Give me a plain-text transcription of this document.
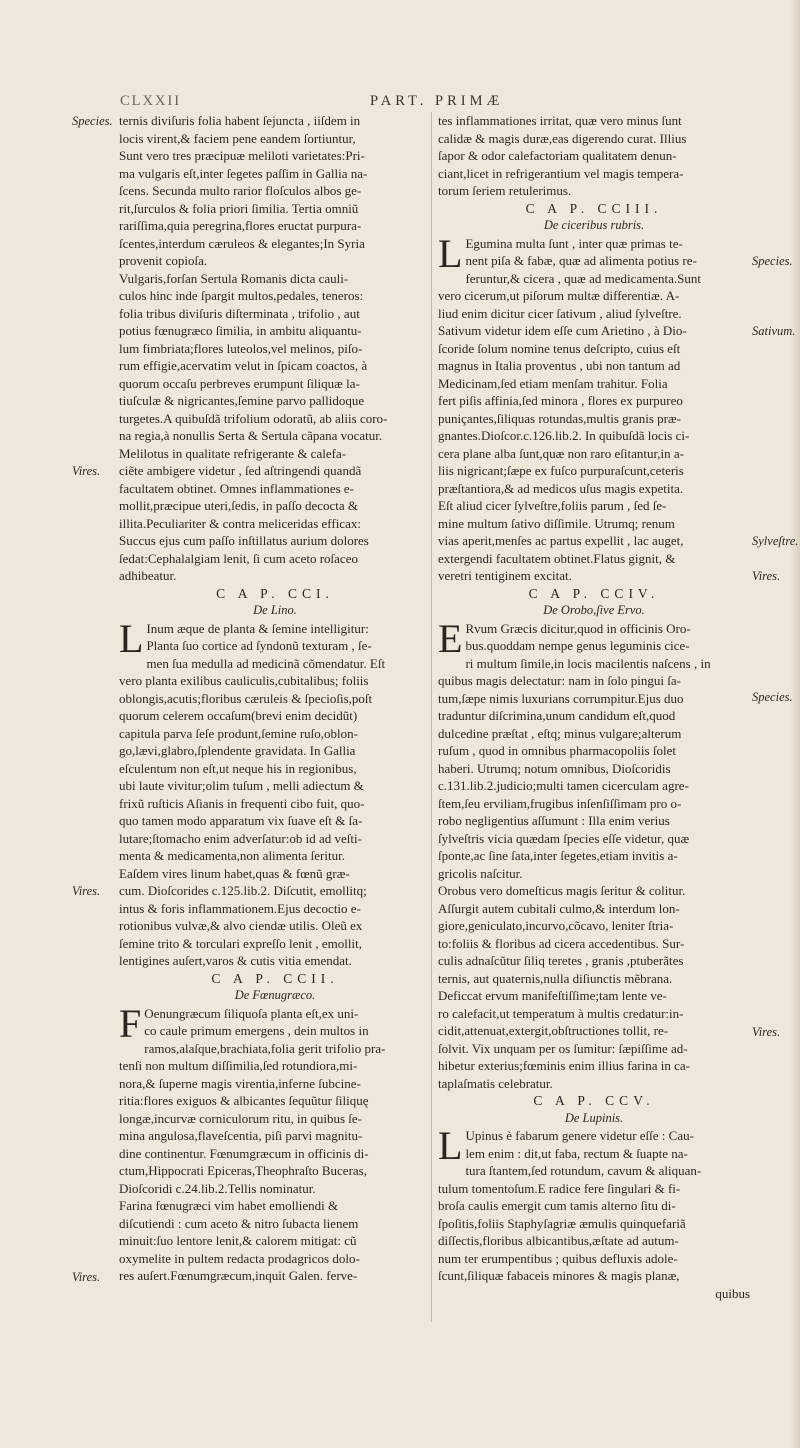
CLXXII	PART. PRIMÆ
ternis diviſuris folia habent ſejuncta , iiſdem in
locis virent,& faciem pene eandem ſortiuntur,
Sunt vero tres præcipuæ meliloti varietates:Pri-
ma vulgaris eſt,inter ſegetes paſſim in Gallia na-
ſcens. Secunda multo rarior floſculos albos ge-
rit,ſurculos & folia priori ſimilia. Tertia omniũ
rariſſima,quia peregrina,flores eructat purpura-
ſcentes,interdum cæruleos & elegantes;In Syria
provenit copioſa.
Vulgaris,forſan Sertula Romanis dicta cauli-
culos hinc inde ſpargit multos,pedales, teneros:
folia tribus diviſuris diſterminata , trifolio , aut
potius fœnugræco ſimilia, in ambitu aliquantu-
lum fimbriata;flores luteolos,vel melinos, piſo-
rum effigie,acervatim velut in ſpicam coactos, à
quorum occaſu perbreves erumpunt ſiliquæ la-
tiuſculæ & nigricantes,ſemine parvo pallidoque
turgetes.A quibuſdã trifolium odoratũ, ab aliis coro-
na regia,à nonullis Serta & Sertula cãpana vocatur.
Melilotus in qualitate refrigerante & calefa-
ciẽte ambigere videtur , ſed aſtringendi quandã
facultatem obtinet. Omnes inflammationes e-
mollit,præcipue uteri,ſedis, in paſſo decocta &
illita.Peculiariter & contra meliceridas efficax:
Succus ejus cum paſſo inſtillatus aurium dolores
ſedat:Cephalalgiam lenit, ſi cum aceto roſaceo
adhibeatur.
C A P. CCI.
De Lino.
L Inum æque de planta & ſemine intelligitur:
Planta ſuo cortice ad ſyndonũ texturam , ſe-
men ſua medulla ad medicinã cõmendatur. Eſt
vero planta exilibus cauliculis,cubitalibus; foliis
oblongis,acutis;floribus cæruleis & ſpecioſis,poſt
quorum celerem occaſum(brevi enim decidũt)
capitula parva ſeſe produnt,ſemine ruſo,oblon-
go,lævi,glabro,ſplendente gravidata. In Gallia
eſculentum non eſt,ut neque his in regionibus,
ubi laute vivitur;olim tuſum , melli adiectum &
frixũ ruſticis Aſianis in frequenti cibo fuit, quo-
quo tamen modo apparatum vix ſuave eſt & ſa-
lutare;ſtomacho enim adverſatur:ob id ad veſti-
menta & medicamenta,non alimenta ſeritur.
Eaſdem vires linum habet,quas & fœnũ græ-
cum. Dioſcorides c.125.lib.2. Diſcutit, emollitq;
intus & foris inflammationem.Ejus decoctio e-
rotionibus vulvæ,& alvo ciendæ utilis. Oleũ ex
ſemine trito & torculari expreſſo lenit , emollit,
lentigines auſert,varos & cutis vitia emendat.
C A P. CCII.
De Fœnugræco.
F Oenungræcum ſiliquoſa planta eſt,ex uni-
co caule primum emergens , dein multos in
ramos,alaſque,brachiata,folia gerit trifolio pra-
tenſi non multum diſſimilia,ſed rotundiora,mi-
nora,& ſuperne magis virentia,inferne ſubcine-
ritia:flores exiguos & albicantes ſequũtur ſiliquę
longæ,incurvæ corniculorum ritu, in quibus ſe-
mina angulosa,flaveſcentia, piſi parvi magnitu-
dine continentur. Fœnumgræcum in officinis di-
ctum,Hippocrati Epiceras,Theophraſto Buceras,
Dioſcoridi c.24.lib.2.Tellis nominatur.
Farina fœnugræci vim habet emolliendi &
diſcutiendi : cum aceto & nitro ſubacta lienem
minuit:ſuo lentore lenit,& calorem mitigat: cũ
oxymelite in pultem redacta prodagricos dolo-
res auſert.Fœnumgræcum,inquit Galen. ferve-
tes inflammationes irritat, quæ vero minus ſunt
calidæ & magis duræ,eas digerendo curat. Illius
ſapor & odor calefactoriam qualitatem denun-
ciant,licet in refrigerantium vel magis tempera-
torum ſeriem retulerimus.
C A P. CCIII.
De ciceribus rubris.
L Eguminа multa ſunt , inter quæ primas te-
nent piſa & fabæ, quæ ad alimenta potius re-
feruntur,& cicera , quæ ad medicamenta.Sunt
vero cicerum,ut piſorum multæ differentiæ. A-
liud enim dicitur cicer ſativum , aliud ſylveſtre.
Sativum videtur idem eſſe cum Arietino , à Dio-
ſcoride ſolum nomine tenus deſcripto, cuius eſt
magnus in Italia proventus , ubi non tantum ad
Medicinam,ſed etiam menſam trahitur. Folia
fert piſis affinia,ſed minora , flores ex purpureo
puniçantes,ſiliquas rotundas,multis granis præ-
gnantes.Dioſcor.c.126.lib.2. In quibuſdã locis ci-
cera plane alba ſunt,quæ non raro eſitantur,in a-
liis nigricant;ſæpe ex fuſco purpuraſcunt,ceteris
præſtantiora,& ad medicos uſus magis expetita.
Eſt aliud cicer ſylveſtre,foliis parum , ſed ſe-
mine multum ſativo diſſimile. Utrumq; renum
vias aperit,menſes ac partus expellit , lac auget,
extergendi facultatem obtinet.Flatus gignit, &
veretri tentiginem excitat.
C A P. CCIV.
De Orobo,ſive Ervo.
E Rvum Græcis dicitur,quod in officinis Oro-
bus.quoddam nempe genus leguminis cice-
ri multum ſimile,in locis macilentis naſcens , in
quibus magis delectatur: nam in ſolo pingui ſa-
tum,ſæpe nimis luxurians corrumpitur.Ejus duo
traduntur diſcrimina,unum candidum eſt,quod
dulcedine præſtat , eſtq; minus vulgare;alterum
ruſum , quod in omnibus pharmacopoliis ſolet
haberi. Utrumq; notum omnibus, Dioſcoridis
c.131.lib.2.judicio;multi tamen cicerculam agre-
ſtem,ſeu erviliam,frugibus inſenſiſſimam pro o-
robo negligentius aſſumunt : Illa enim verius
ſylveſtris vicia quædam ſpecies eſſe videtur, quæ
ſponte,ac ſine ſata,inter ſegetes,etiam invitis a-
gricolis naſcitur.
Orobus vero domeſticus magis ſeritur & colitur.
Aſſurgit autem cubitali culmo,& interdum lon-
giore,geniculato,incurvo,cõcavo, leniter ſtria-
to:foliis & floribus ad cicera accedentibus. Sur-
culis adnaſcũtur ſiliq teretes , granis ,ptuberãtes
ternis, aut quaternis,nulla diſiunctis mẽbrana.
Deficcat ervum manifeſtiſſime;tam lente ve-
ro calefacit,ut temperatum à multis credatur:in-
cidit,attenuat,extergit,obſtructiones tollit, re-
ſolvit. Vix unquam per os ſumitur: ſæpiſſime ad-
hibetur exterius;fœminis enim illius farina in ca-
taplaſmatis celebratur.
C A P. CCV.
De Lupinis.
L Upinus è fabarum genere videtur eſſe : Cau-
lem enim : dit,ut faba, rectum & ſuapte na-
tura ſtantem,ſed rotundum, cavum & aliquan-
tulum tomentoſum.E radice fere ſingulari & fi-
broſa caulis emergit cum tamis alterno ſitu di-
ſpoſitis,foliis Staphyſagriæ æmulis quinquefariã
diſſectis,floribus albicantibus,æſtate ad autum-
num ter erumpentibus ; quibus defluxis adole-
ſcunt,ſiliquæ fabaceis minores & magis planæ,
quibus
Species.
Vires.
Vires.
Vires.
Species.
Sativum.
Sylveſtre.
Vires.
Species.
Vires.
